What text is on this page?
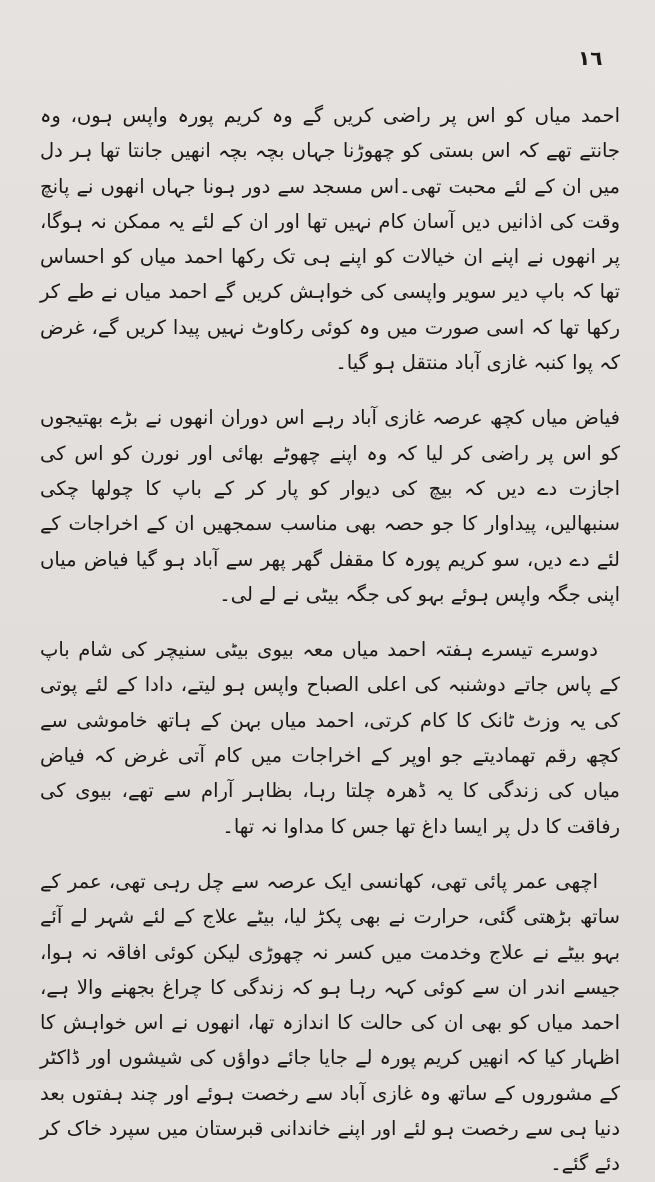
١٦

احمد میاں کو اس پر راضی کریں گے وہ کریم پورہ واپس ہوں، وہ جانتے تھے کہ اس بستی کو چھوڑنا جہاں بچہ بچہ انھیں جانتا تھا ہر دل میں ان کے لئے محبت تھی۔اس مسجد سے دور ہونا جہاں انھوں نے پانچ وقت کی اذانیں دیں آسان کام نہیں تھا اور ان کے لئے یہ ممکن نہ ہوگا، پر انھوں نے اپنے ان خیالات کو اپنے ہی تک رکھا احمد میاں کو احساس تھا کہ باپ دیر سویر واپسی کی خواہش کریں گے احمد میاں نے طے کر رکھا تھا کہ اسی صورت میں وہ کوئی رکاوٹ نہیں پیدا کریں گے، غرض کہ پوا کنبہ غازی آباد منتقل ہو گیا۔

فیاض میاں کچھ عرصہ غازی آباد رہے اس دوران انھوں نے بڑے بھتیجوں کو اس پر راضی کر لیا کہ وہ اپنے چھوٹے بھائی اور نورن کو اس کی اجازت دے دیں کہ بیچ کی دیوار کو پار کر کے باپ کا چولھا چکی سنبھالیں، پیداوار کا جو حصہ بھی مناسب سمجھیں ان کے اخراجات کے لئے دے دیں، سو کریم پورہ کا مقفل گھر پھر سے آباد ہو گیا فیاض میاں اپنی جگہ واپس ہوئے بہو کی جگہ بیٹی نے لے لی۔

دوسرے تیسرے ہفتہ احمد میاں معہ بیوی بیٹی سنیچر کی شام باپ کے پاس جاتے دوشنبہ کی اعلی الصباح واپس ہو لیتے، دادا کے لئے پوتی کی یہ وزٹ ٹانک کا کام کرتی، احمد میاں بہن کے ہاتھ خاموشی سے کچھ رقم تھمادیتے جو اوپر کے اخراجات میں کام آتی غرض کہ فیاض میاں کی زندگی کا یہ ڈھرہ چلتا رہا، بظاہر آرام سے تھے، بیوی کی رفاقت کا دل پر ایسا داغ تھا جس کا مداوا نہ تھا۔

اچھی عمر پائی تھی، کھانسی ایک عرصہ سے چل رہی تھی، عمر کے ساتھ بڑھتی گئی، حرارت نے بھی پکڑ لیا، بیٹے علاج کے لئے شہر لے آئے بہو بیٹے نے علاج وخدمت میں کسر نہ چھوڑی لیکن کوئی افاقہ نہ ہوا، جیسے اندر ان سے کوئی کہہ رہا ہو کہ زندگی کا چراغ بجھنے والا ہے، احمد میاں کو بھی ان کی حالت کا اندازہ تھا، انھوں نے اس خواہش کا اظہار کیا کہ انھیں کریم پورہ لے جایا جائے دواؤں کی شیشوں اور ڈاکٹر کے مشوروں کے ساتھ وہ غازی آباد سے رخصت ہوئے اور چند ہفتوں بعد دنیا ہی سے رخصت ہو لئے اور اپنے خاندانی قبرستان میں سپرد خاک کر دئے گئے۔
